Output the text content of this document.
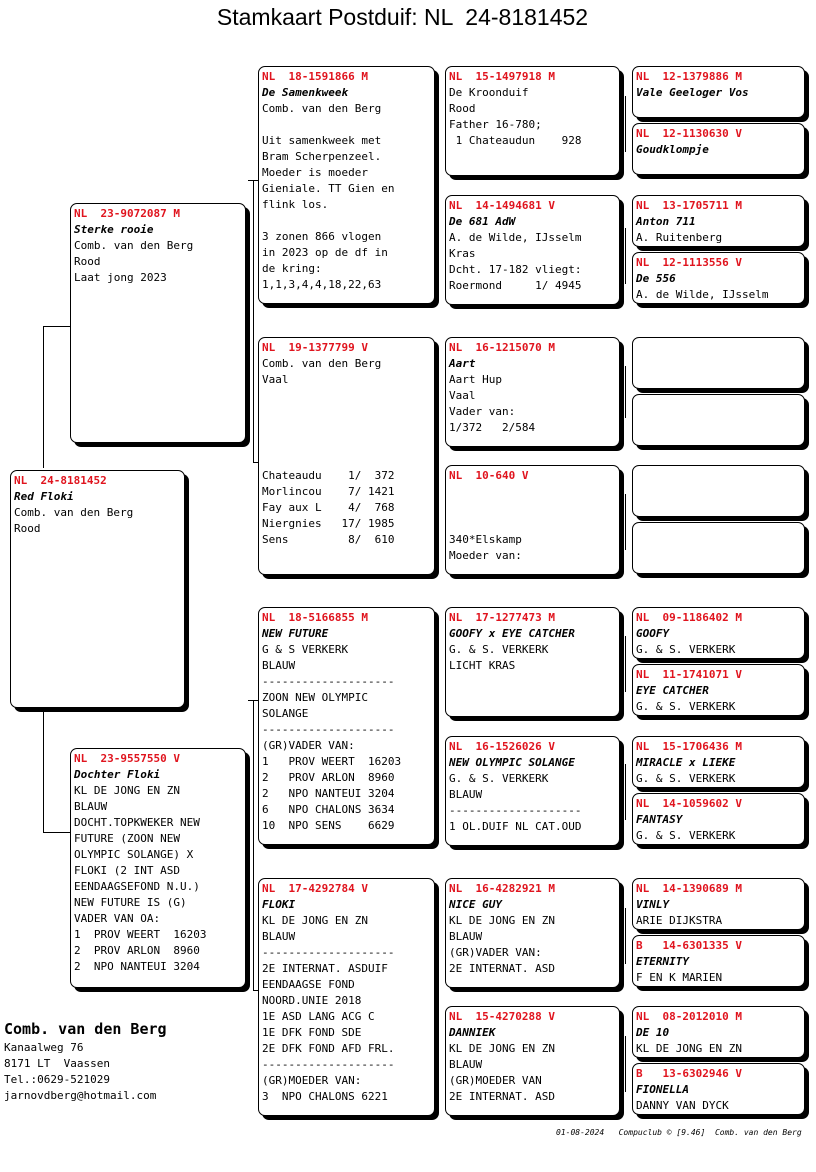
Stamkaart Postduif: NL  24-8181452
NL  24-8181452
Red Floki
Comb. van den Berg
Rood
NL  23-9072087 M
Sterke rooie
Comb. van den Berg
Rood
Laat jong 2023
NL  23-9557550 V
Dochter Floki
KL DE JONG EN ZN
BLAUW
DOCHT.TOPKWEKER NEW
FUTURE (ZOON NEW
OLYMPIC SOLANGE) X
FLOKI (2 INT ASD
EENDAAGSEFOND N.U.)
NEW FUTURE IS (G)
VADER VAN OA:
1  PROV WEERT  16203
2  PROV ARLON  8960
2  NPO NANTEUI 3204
NL  18-1591866 M
De Samenkweek
Comb. van den Berg
Uit samenkweek met
Bram Scherpenzeel.
Moeder is moeder
Gieniale. TT Gien en
flink los.
3 zonen 866 vlogen
in 2023 op de df in
de kring:
1,1,3,4,4,18,22,63
NL  19-1377799 V
Comb. van den Berg
Vaal
Chateaudu    1/  372
Morlincou    7/ 1421
Fay aux L    4/  768
Niergnies   17/ 1985
Sens         8/  610
NL  18-5166855 M
NEW FUTURE
G & S VERKERK
BLAUW
--------------------
ZOON NEW OLYMPIC
SOLANGE
--------------------
(GR)VADER VAN:
1   PROV WEERT  16203
2   PROV ARLON  8960
2   NPO NANTEUI 3204
6   NPO CHALONS 3634
10  NPO SENS    6629
NL  17-4292784 V
FLOKI
KL DE JONG EN ZN
BLAUW
--------------------
2E INTERNAT. ASDUIF
EENDAAGSE FOND
NOORD.UNIE 2018
1E ASD LANG ACG C
1E DFK FOND SDE
2E DFK FOND AFD FRL.
--------------------
(GR)MOEDER VAN:
3  NPO CHALONS 6221
NL  15-1497918 M
De Kroonduif
Rood
Father 16-780;
1 Chateaudun    928
NL  14-1494681 V
De 681 AdW
A. de Wilde, IJsselm
Kras
Dcht. 17-182 vliegt:
Roermond     1/ 4945
NL  16-1215070 M
Aart
Aart Hup
Vaal
Vader van:
1/372   2/584
NL  10-640 V
340*Elskamp
Moeder van:
NL  17-1277473 M
GOOFY x EYE CATCHER
G. & S. VERKERK
LICHT KRAS
NL  16-1526026 V
NEW OLYMPIC SOLANGE
G. & S. VERKERK
BLAUW
--------------------
1 OL.DUIF NL CAT.OUD
NL  16-4282921 M
NICE GUY
KL DE JONG EN ZN
BLAUW
(GR)VADER VAN:
2E INTERNAT. ASD
NL  15-4270288 V
DANNIEK
KL DE JONG EN ZN
BLAUW
(GR)MOEDER VAN
2E INTERNAT. ASD
NL  12-1379886 M
Vale Geeloger Vos
NL  12-1130630 V
Goudklompje
NL  13-1705711 M
Anton 711
A. Ruitenberg
NL  12-1113556 V
De 556
A. de Wilde, IJsselm
NL  09-1186402 M
GOOFY
G. & S. VERKERK
NL  11-1741071 V
EYE CATCHER
G. & S. VERKERK
NL  15-1706436 M
MIRACLE x LIEKE
G. & S. VERKERK
NL  14-1059602 V
FANTASY
G. & S. VERKERK
NL  14-1390689 M
VINLY
ARIE DIJKSTRA
B   14-6301335 V
ETERNITY
F EN K MARIEN
NL  08-2012010 M
DE 10
KL DE JONG EN ZN
B   13-6302946 V
FIONELLA
DANNY VAN DYCK
Comb. van den Berg
Kanaalweg 76
8171 LT  Vaassen
Tel.:0629-521029
jarnovdberg@hotmail.com
01-08-2024   Compuclub © [9.46]  Comb. van den Berg
